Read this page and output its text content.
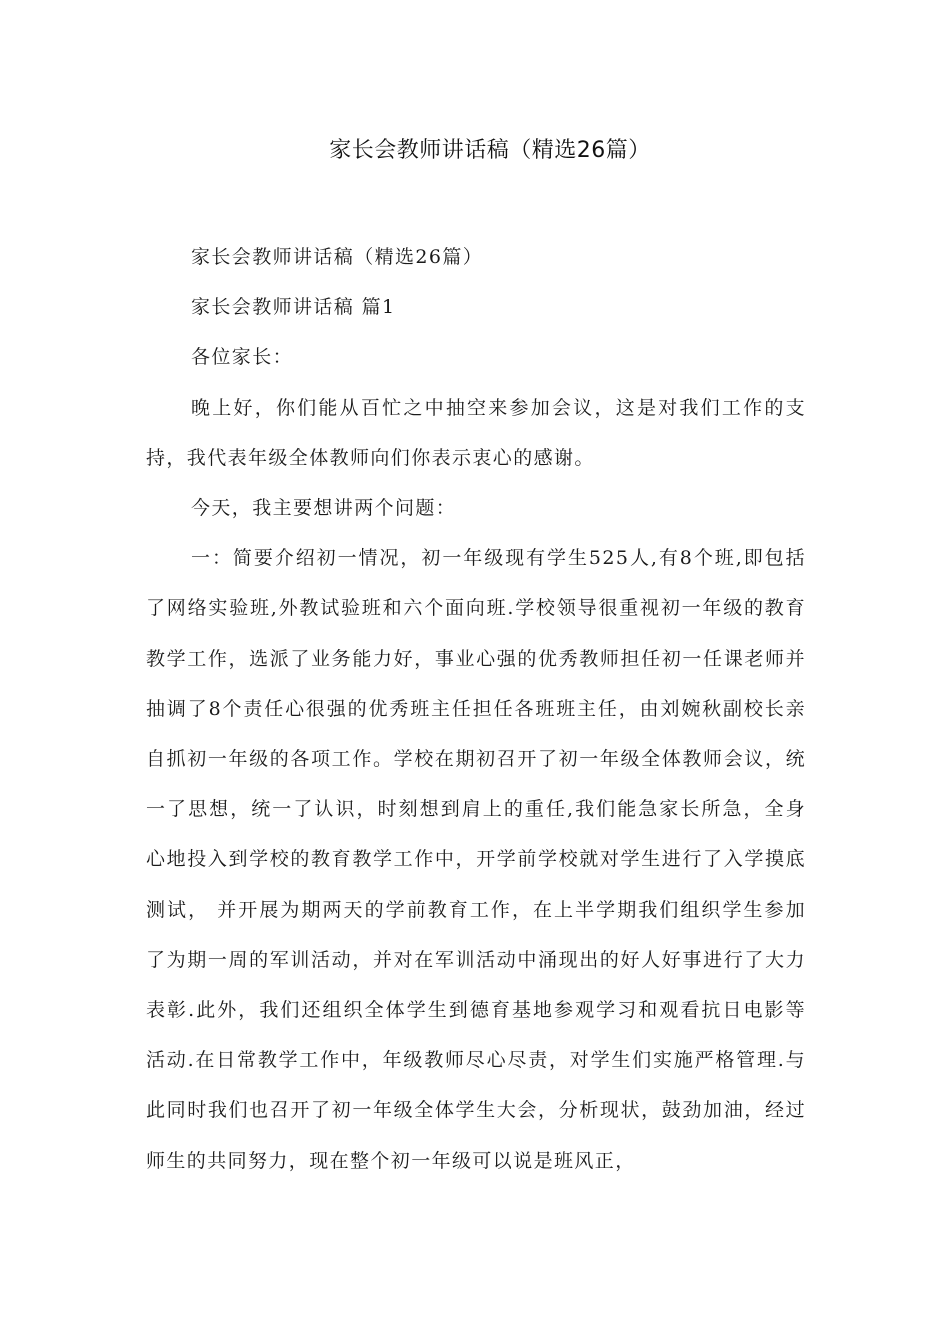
家长会教师讲话稿（精选26篇）

家长会教师讲话稿（精选26篇）

家长会教师讲话稿 篇1

各位家长：

晚上好，你们能从百忙之中抽空来参加会议，这是对我们工作的支持，我代表年级全体教师向们你表示衷心的感谢。

今天，我主要想讲两个问题：

一：简要介绍初一情况，初一年级现有学生525人,有8个班,即包括了网络实验班,外教试验班和六个面向班.学校领导很重视初一年级的教育教学工作，选派了业务能力好，事业心强的优秀教师担任初一任课老师并抽调了8个责任心很强的优秀班主任担任各班班主任，由刘婉秋副校长亲自抓初一年级的各项工作。学校在期初召开了初一年级全体教师会议，统一了思想，统一了认识，时刻想到肩上的重任,我们能急家长所急，全身心地投入到学校的教育教学工作中，开学前学校就对学生进行了入学摸底测试， 并开展为期两天的学前教育工作，在上半学期我们组织学生参加了为期一周的军训活动，并对在军训活动中涌现出的好人好事进行了大力表彰.此外，我们还组织全体学生到德育基地参观学习和观看抗日电影等活动.在日常教学工作中，年级教师尽心尽责，对学生们实施严格管理.与此同时我们也召开了初一年级全体学生大会，分析现状，鼓劲加油，经过师生的共同努力，现在整个初一年级可以说是班风正，
